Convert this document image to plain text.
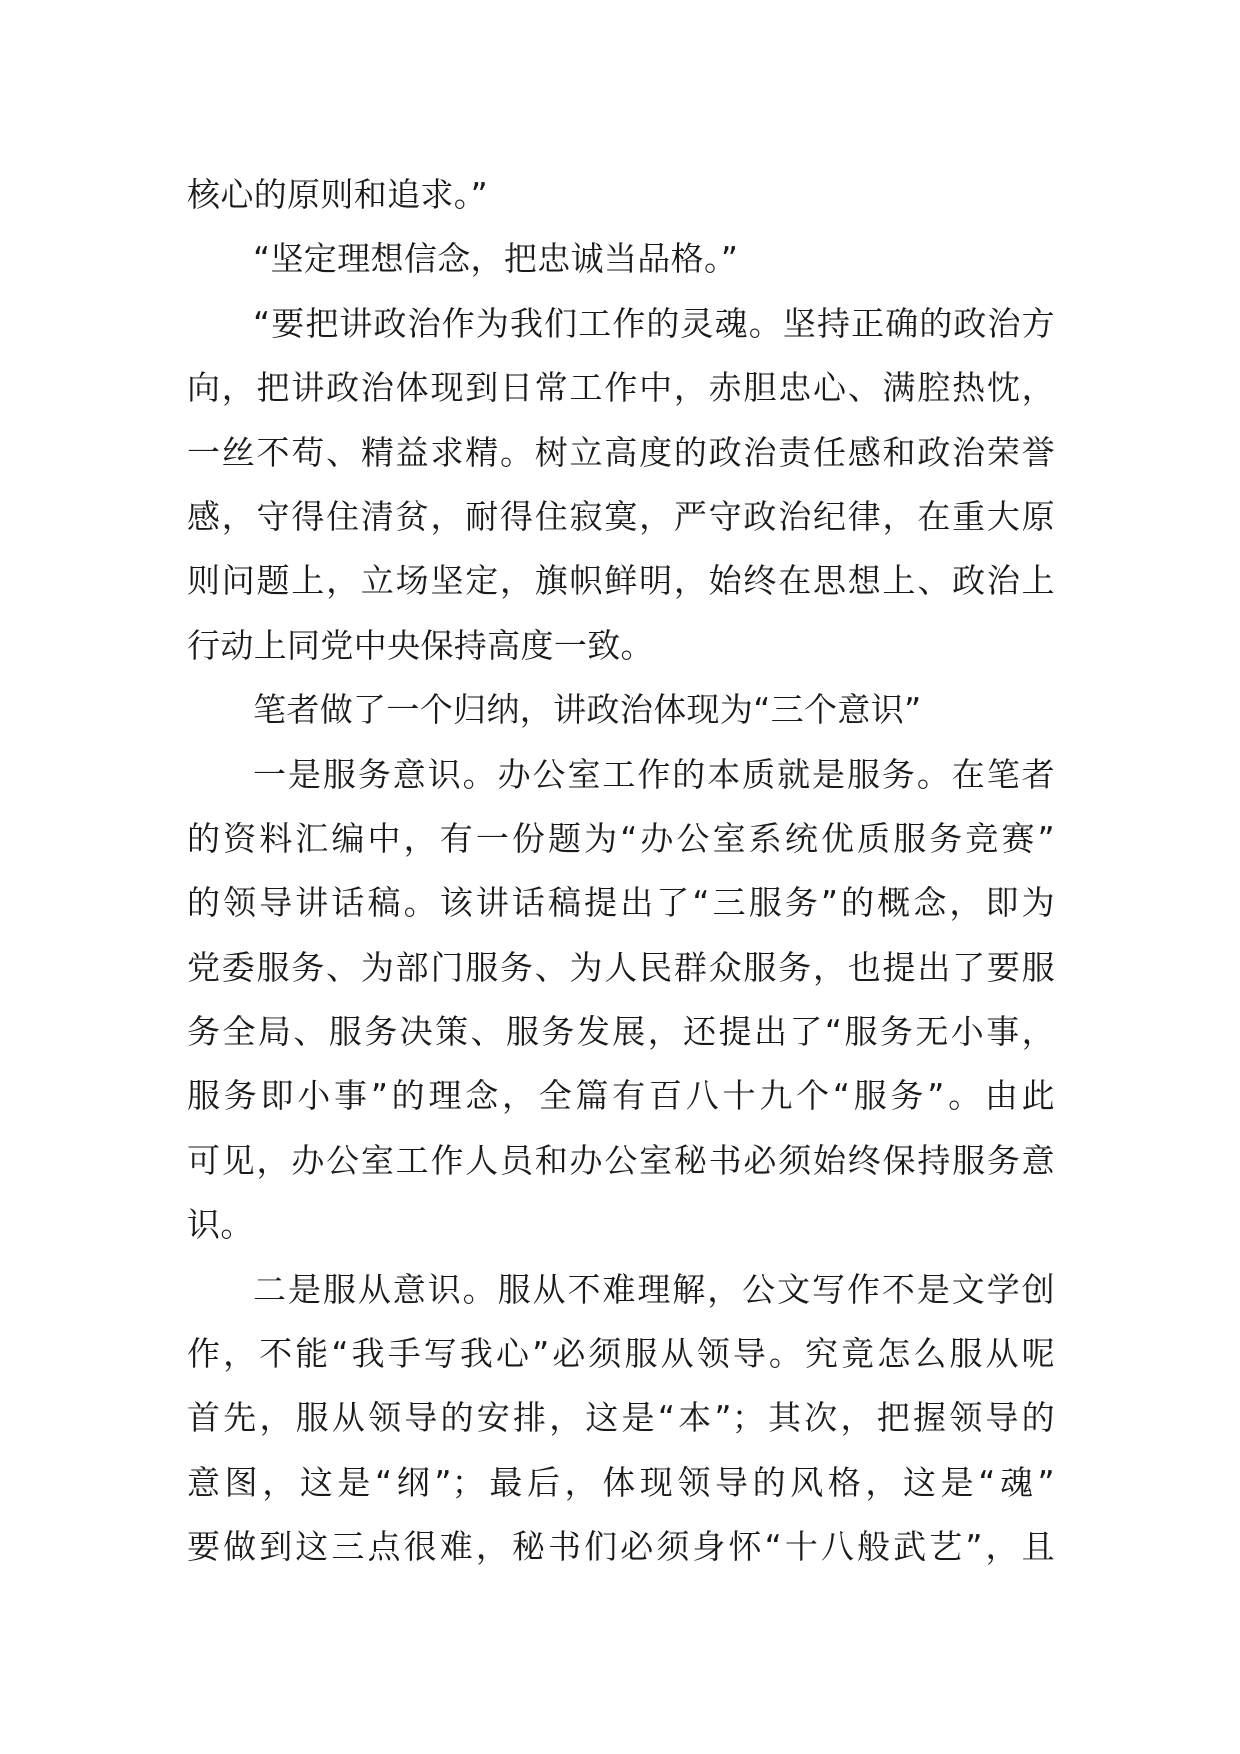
核心的原则和追求。”
“坚定理想信念，把忠诚当品格。”
“要把讲政治作为我们工作的灵魂。坚持正确的政治方
向，把讲政治体现到日常工作中，赤胆忠心、满腔热忱，
一丝不苟、精益求精。树立高度的政治责任感和政治荣誉
感，守得住清贫，耐得住寂寞，严守政治纪律，在重大原
则问题上，立场坚定，旗帜鲜明，始终在思想上、政治上
行动上同党中央保持高度一致。
笔者做了一个归纳，讲政治体现为“三个意识”
一是服务意识。办公室工作的本质就是服务。在笔者
的资料汇编中，有一份题为“办公室系统优质服务竞赛”
的领导讲话稿。该讲话稿提出了“三服务”的概念，即为
党委服务、为部门服务、为人民群众服务，也提出了要服
务全局、服务决策、服务发展，还提出了“服务无小事，
服务即小事”的理念，全篇有百八十九个“服务”。由此
可见，办公室工作人员和办公室秘书必须始终保持服务意
识。
二是服从意识。服从不难理解，公文写作不是文学创
作，不能“我手写我心”必须服从领导。究竟怎么服从呢
首先，服从领导的安排，这是“本”；其次，把握领导的
意图，这是“纲”；最后，体现领导的风格，这是“魂”
要做到这三点很难，秘书们必须身怀“十八般武艺”，且
